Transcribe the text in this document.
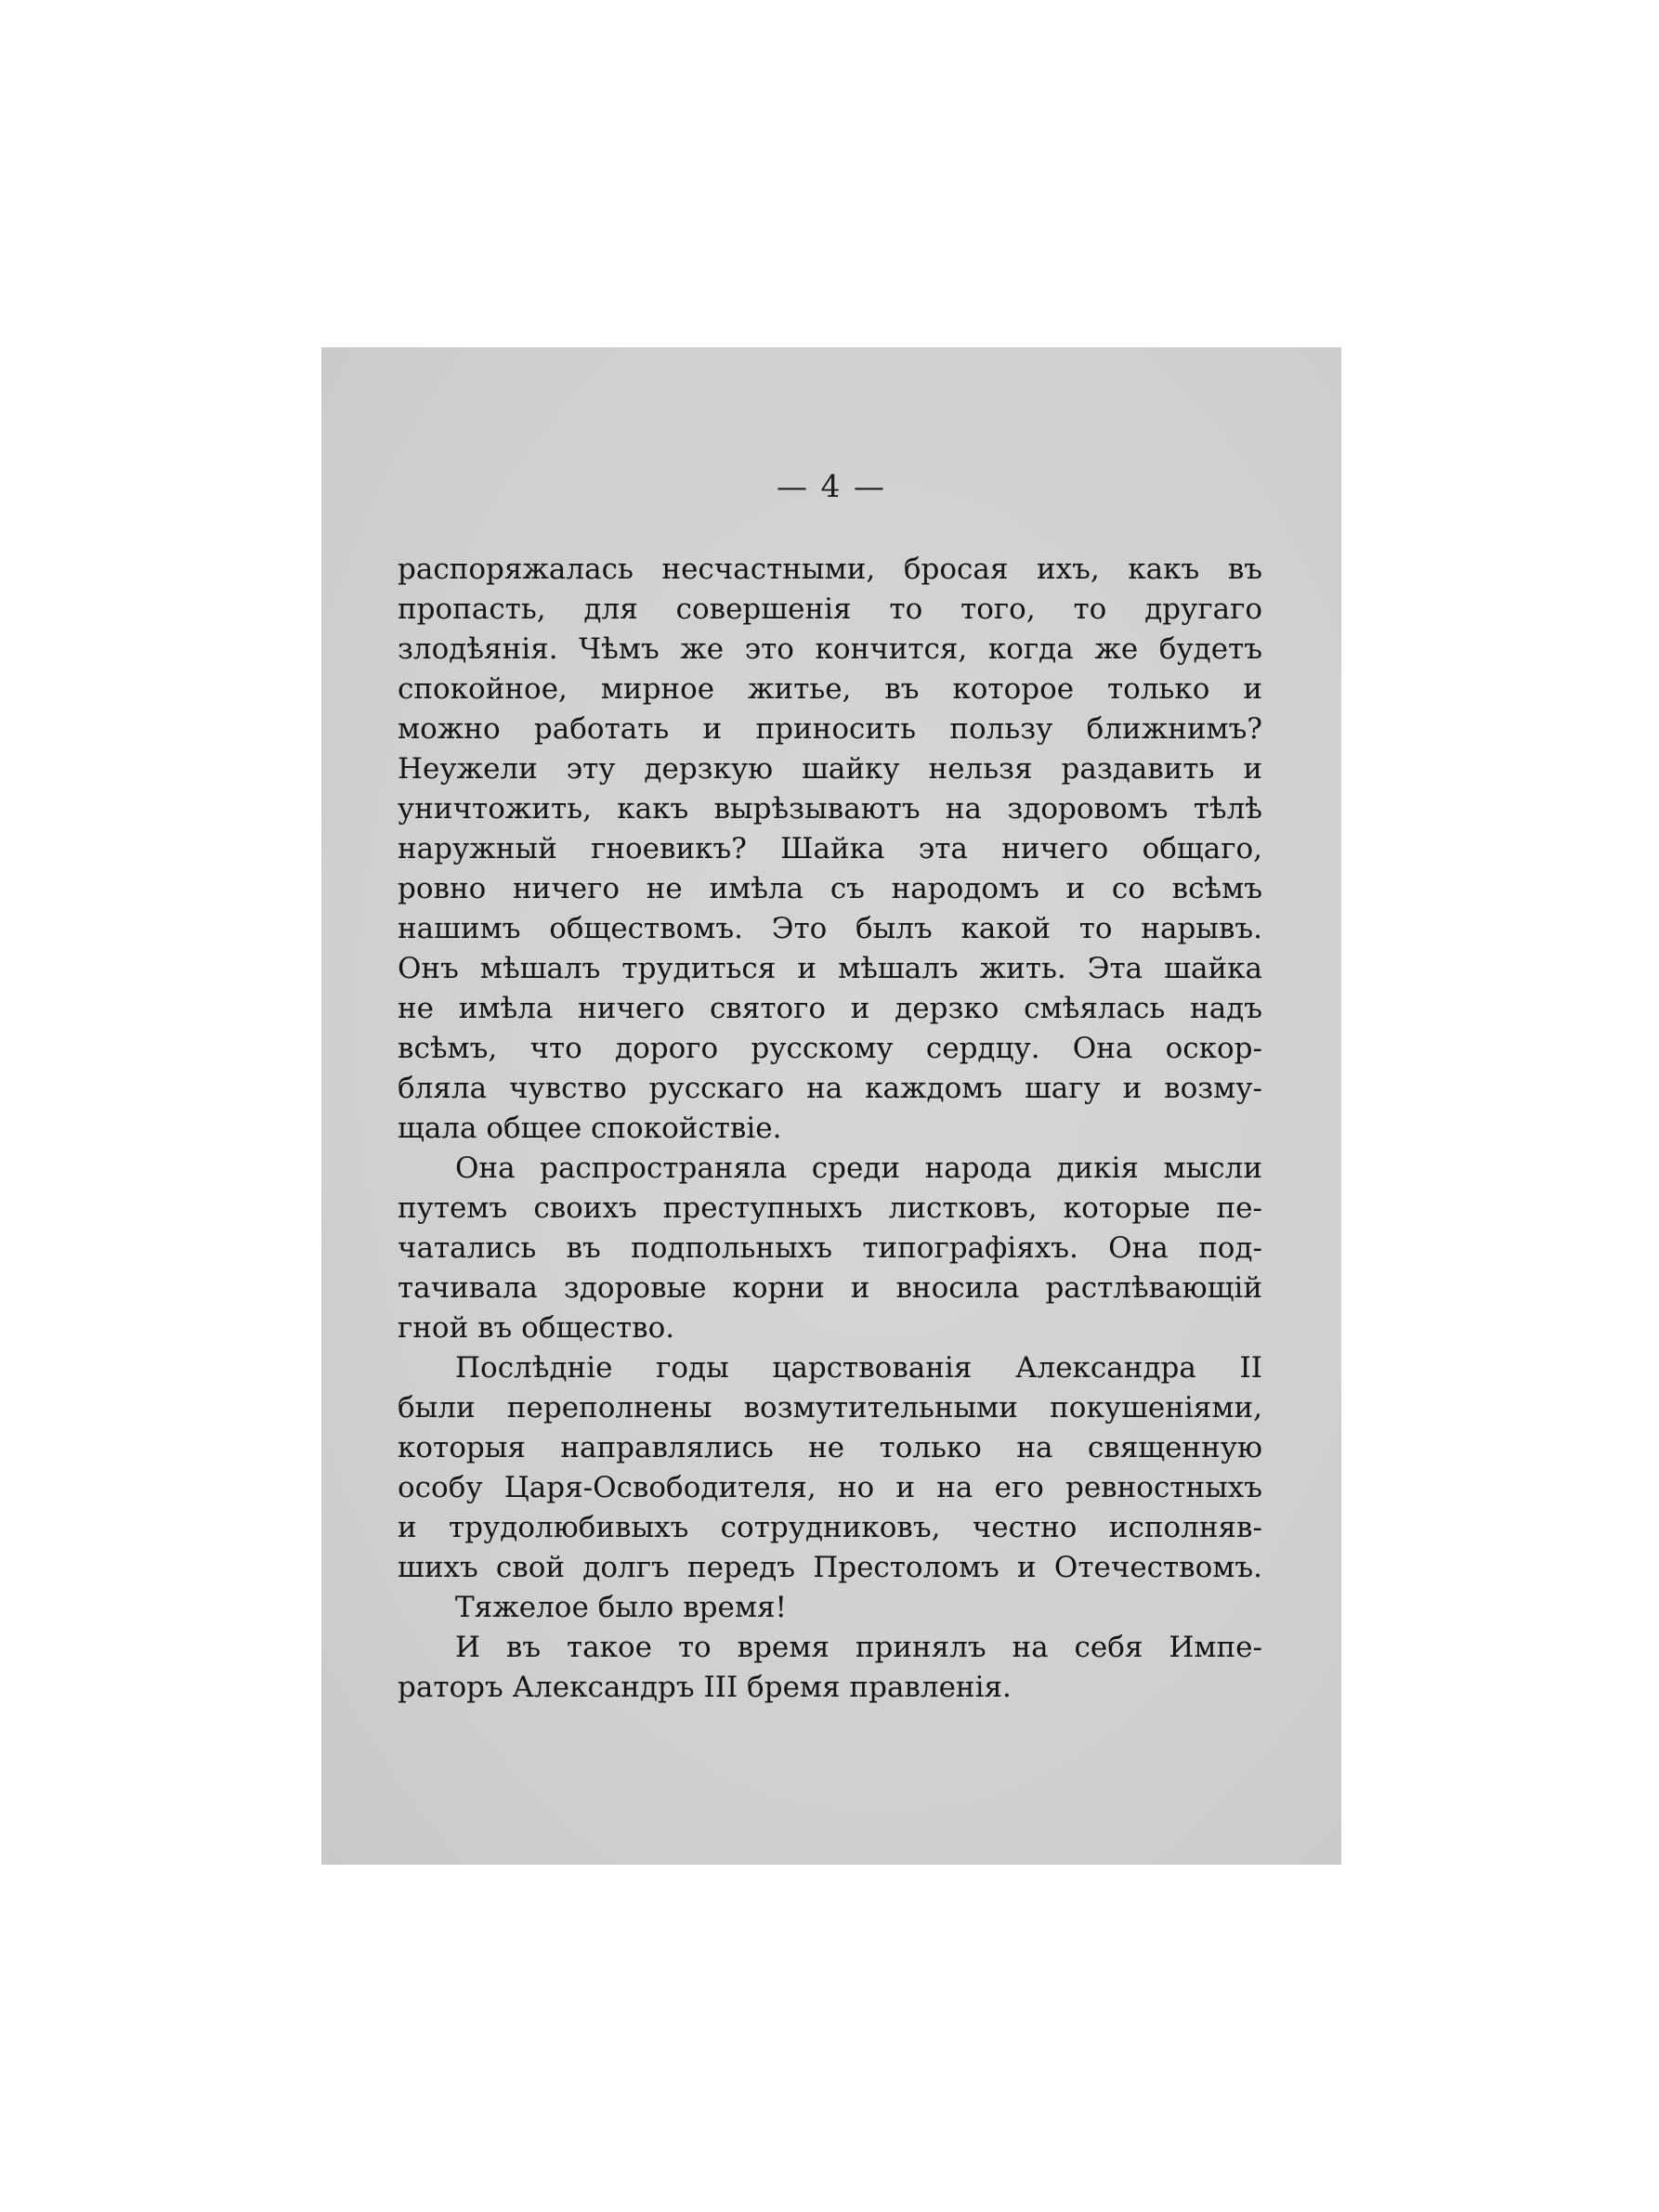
— 4 —
распоряжалась несчастными, бросая ихъ, какъ въ
пропасть, для совершенія то того, то другаго
злодѣянія. Чѣмъ же это кончится, когда же будетъ
спокойное, мирное житье, въ которое только и
можно работать и приносить пользу ближнимъ?
Неужели эту дерзкую шайку нельзя раздавить и
уничтожить, какъ вырѣзываютъ на здоровомъ тѣлѣ
наружный гноевикъ? Шайка эта ничего общаго,
ровно ничего не имѣла съ народомъ и со всѣмъ
нашимъ обществомъ. Это былъ какой то нарывъ.
Онъ мѣшалъ трудиться и мѣшалъ жить. Эта шайка
не имѣла ничего святого и дерзко смѣялась надъ
всѣмъ, что дорого русскому сердцу. Она оскор-
бляла чувство русскаго на каждомъ шагу и возму-
щала общее спокойствіе.
Она распространяла среди народа дикія мысли
путемъ своихъ преступныхъ листковъ, которые пе-
чатались въ подпольныхъ типографіяхъ. Она под-
тачивала здоровые корни и вносила растлѣвающій
гной въ общество.
Послѣдніе годы царствованія Александра II
были переполнены возмутительными покушеніями,
которыя направлялись не только на священную
особу Царя-Освободителя, но и на его ревностныхъ
и трудолюбивыхъ сотрудниковъ, честно исполняв-
шихъ свой долгъ передъ Престоломъ и Отечествомъ.
Тяжелое было время!
И въ такое то время принялъ на себя Импе-
раторъ Александръ III бремя правленія.
